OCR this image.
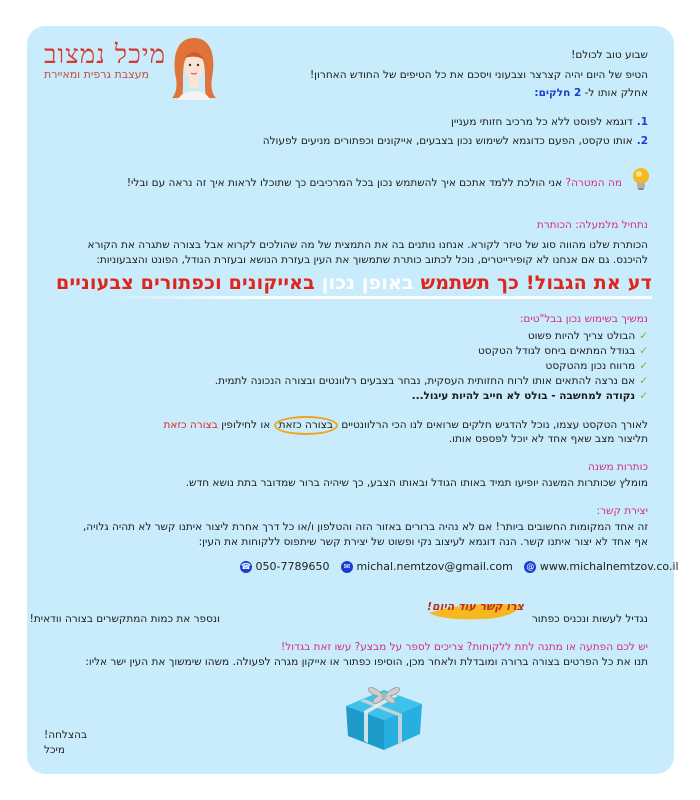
מיכל נמצוב
מעצבת גרפית ומאיירת
שבוע טוב לכולם!
הטיפ של היום יהיה קצרצר וצבעוני ויסכם את כל הטיפים של החודש האחרון!
אחלק אותו ל- 2 חלקים:
1.דוגמא לפוסט ללא כל מרכיב חזותי מעניין
2.אותו טקסט, הפעם כדוגמא לשימוש נכון בצבעים, אייקונים וכפתורים מניעים לפעולה
מה המטרה? אני הולכת ללמד אתכם איך להשתמש נכון בכל המרכיבים כך שתוכלו לראות איך זה נראה עם ובלי!
נתחיל מלמעלה: הכותרת
הכותרת שלנו מהווה סוג של טיזר לקורא. אנחנו נותנים בה את התמצית של מה שהולכים לקרוא אבל בצורה שתגרה את הקורא
להיכנס. גם אם אנחנו לא קופירייטרים, נוכל לכתוב כותרת שתמשוך את העין בעזרת הנושא ובעזרת הגודל, הפונט והצבעוניות:
דע את הגבול! כך תשתמש באופן נכון באייקונים וכפתורים צבעוניים
נמשיך בשימוש נכון בבל"טים:
✓הבולט צריך להיות פשוט
✓בגודל המתאים ביחס לגודל הטקסט
✓מרווח נכון מהטקסט
✓אם נרצה להתאים אותו לרוח החזותית העסקית, נבחר בצבעים רלוונטים ובצורה הנכונה לתמית.
✓נקודה למחשבה - בולט לא חייב להיות עיגול...
לאורך הטקסט עצמו, נוכל להדגיש חלקים שרואים לנו הכי הרלוונטיים בצורה כזאת או לחילופין בצורה כזאת
תליצור מצב שאף אחד לא יוכל לפספס אותו.
כותרות משנה
מומלץ שכותרות המשנה יופיעו תמיד באותו הגודל ובאותו הצבע, כך שיהיה ברור שמדובר בתת נושא חדש.
יצירת קשר:
זה אחד המקומות החשובים ביותר! אם לא נהיה ברורים באזור הזה והטלפון ו/או כל דרך אחרת ליצור איתנו קשר לא תהיה גלויה,
אף אחד לא יצור איתנו קשר. הנה דוגמא לעיצוב נקי ופשוט של יצירת קשר שיתפוס ללקוחות את העין:
☎ 050-7789650 ✉ michal.nemtzov@gmail.com @ www.michalnemtzov.co.il
צרו קשר עוד היום!
נגדיל לעשות ונכניס כפתור
ונספר את כמות המתקשרים בצורה וודאית!
יש לכם הפתעה או מתנה לתת ללקוחות? צריכים לספר על מבצע? עשו זאת בגדול!
תנו את כל הפרטים בצורה ברורה ומובדלת ולאחר מכן, הוסיפו כפתור או אייקון מגרה לפעולה. משהו שימשוך את העין ישר אליו:
בהצלחה!
מיכל
